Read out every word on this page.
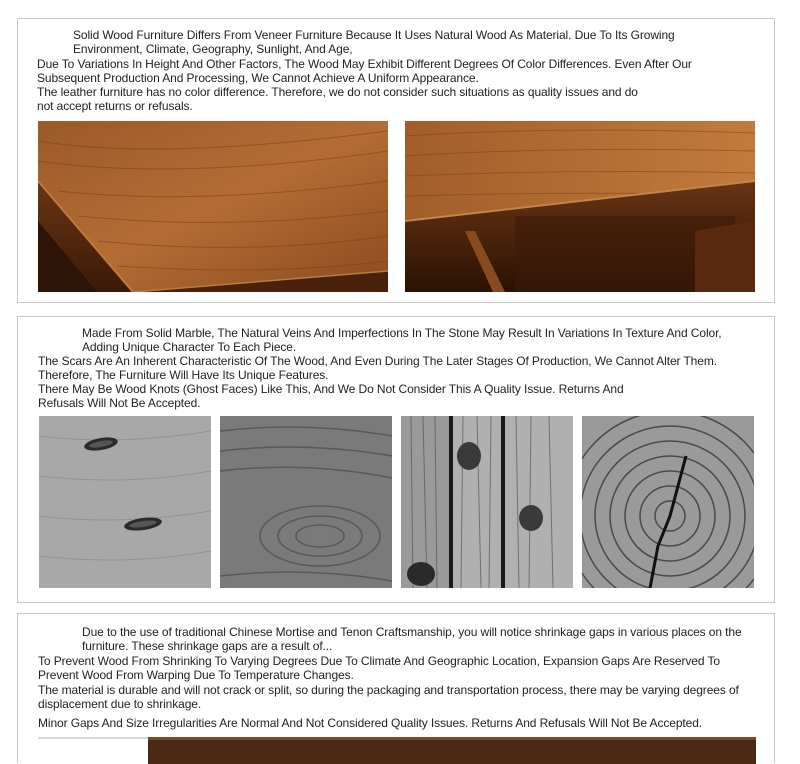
Solid Wood Furniture Differs From Veneer Furniture Because It Uses Natural Wood As Material. Due To Its Growing Environment, Climate, Geography, Sunlight, And Age,

Due To Variations In Height And Other Factors, The Wood May Exhibit Different Degrees Of Color Differences. Even After Our Subsequent Production And Processing, We Cannot Achieve A Uniform Appearance.

The leather furniture has no color difference. Therefore, we do not consider such situations as quality issues and do not accept returns or refusals.

Made From Solid Marble, The Natural Veins And Imperfections In The Stone May Result In Variations In Texture And Color, Adding Unique Character To Each Piece.

The Scars Are An Inherent Characteristic Of The Wood, And Even During The Later Stages Of Production, We Cannot Alter Them. Therefore, The Furniture Will Have Its Unique Features.

There May Be Wood Knots (Ghost Faces) Like This, And We Do Not Consider This A Quality Issue. Returns And Refusals Will Not Be Accepted.

Due to the use of traditional Chinese Mortise and Tenon Craftsmanship, you will notice shrinkage gaps in various places on the furniture. These shrinkage gaps are a result of...

To Prevent Wood From Shrinking To Varying Degrees Due To Climate And Geographic Location, Expansion Gaps Are Reserved To Prevent Wood From Warping Due To Temperature Changes.

The material is durable and will not crack or split, so during the packaging and transportation process, there may be varying degrees of displacement due to shrinkage.

Minor Gaps And Size Irregularities Are Normal And Not Considered Quality Issues. Returns And Refusals Will Not Be Accepted.
